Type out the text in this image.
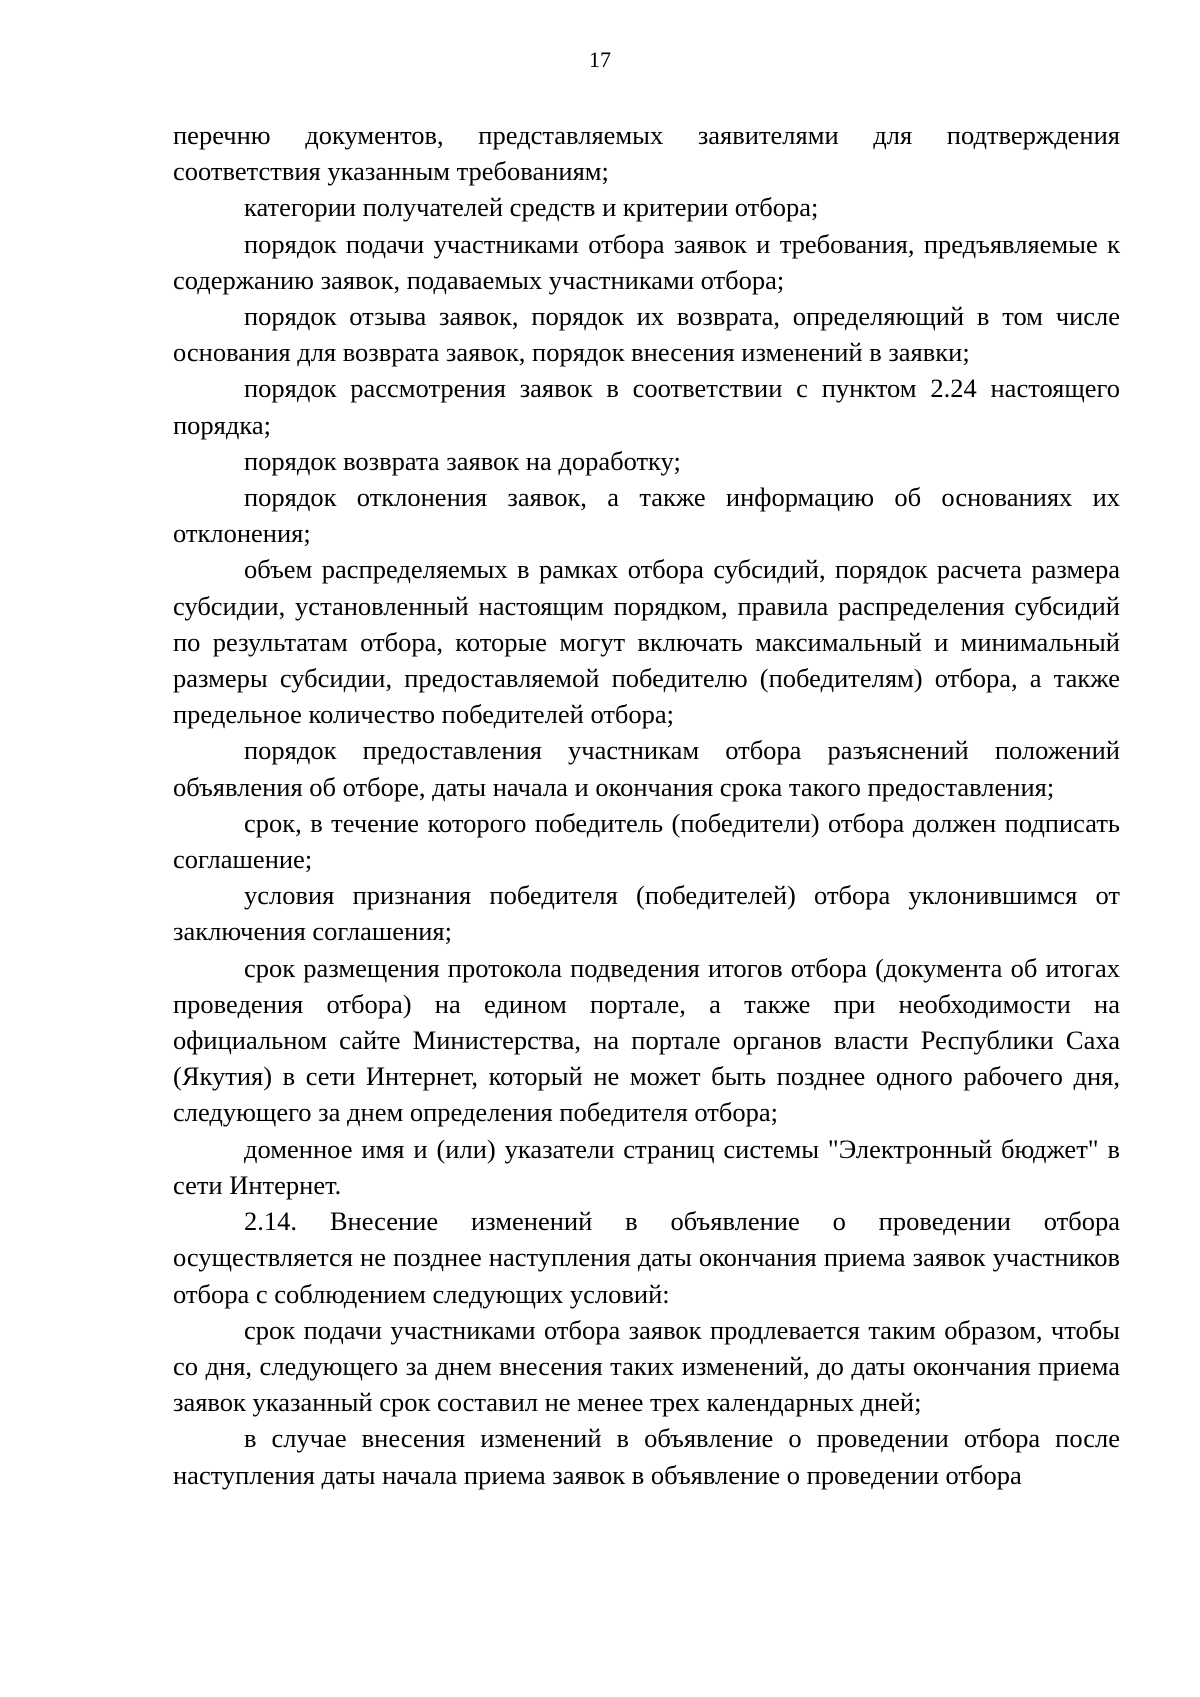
17

перечню документов, представляемых заявителями для подтверждения соответствия указанным требованиям;

категории получателей средств и критерии отбора;

порядок подачи участниками отбора заявок и требования, предъявляемые к содержанию заявок, подаваемых участниками отбора;

порядок отзыва заявок, порядок их возврата, определяющий в том числе основания для возврата заявок, порядок внесения изменений в заявки;

порядок рассмотрения заявок в соответствии с пунктом 2.24 настоящего порядка;

порядок возврата заявок на доработку;

порядок отклонения заявок, а также информацию об основаниях их отклонения;

объем распределяемых в рамках отбора субсидий, порядок расчета размера субсидии, установленный настоящим порядком, правила распределения субсидий по результатам отбора, которые могут включать максимальный и минимальный размеры субсидии, предоставляемой победителю (победителям) отбора, а также предельное количество победителей отбора;

порядок предоставления участникам отбора разъяснений положений объявления об отборе, даты начала и окончания срока такого предоставления;

срок, в течение которого победитель (победители) отбора должен подписать соглашение;

условия признания победителя (победителей) отбора уклонившимся от заключения соглашения;

срок размещения протокола подведения итогов отбора (документа об итогах проведения отбора) на едином портале, а также при необходимости на официальном сайте Министерства, на портале органов власти Республики Саха (Якутия) в сети Интернет, который не может быть позднее одного рабочего дня, следующего за днем определения победителя отбора;

доменное имя и (или) указатели страниц системы "Электронный бюджет" в сети Интернет.

2.14. Внесение изменений в объявление о проведении отбора осуществляется не позднее наступления даты окончания приема заявок участников отбора с соблюдением следующих условий:

срок подачи участниками отбора заявок продлевается таким образом, чтобы со дня, следующего за днем внесения таких изменений, до даты окончания приема заявок указанный срок составил не менее трех календарных дней;

в случае внесения изменений в объявление о проведении отбора после наступления даты начала приема заявок в объявление о проведении отбора
